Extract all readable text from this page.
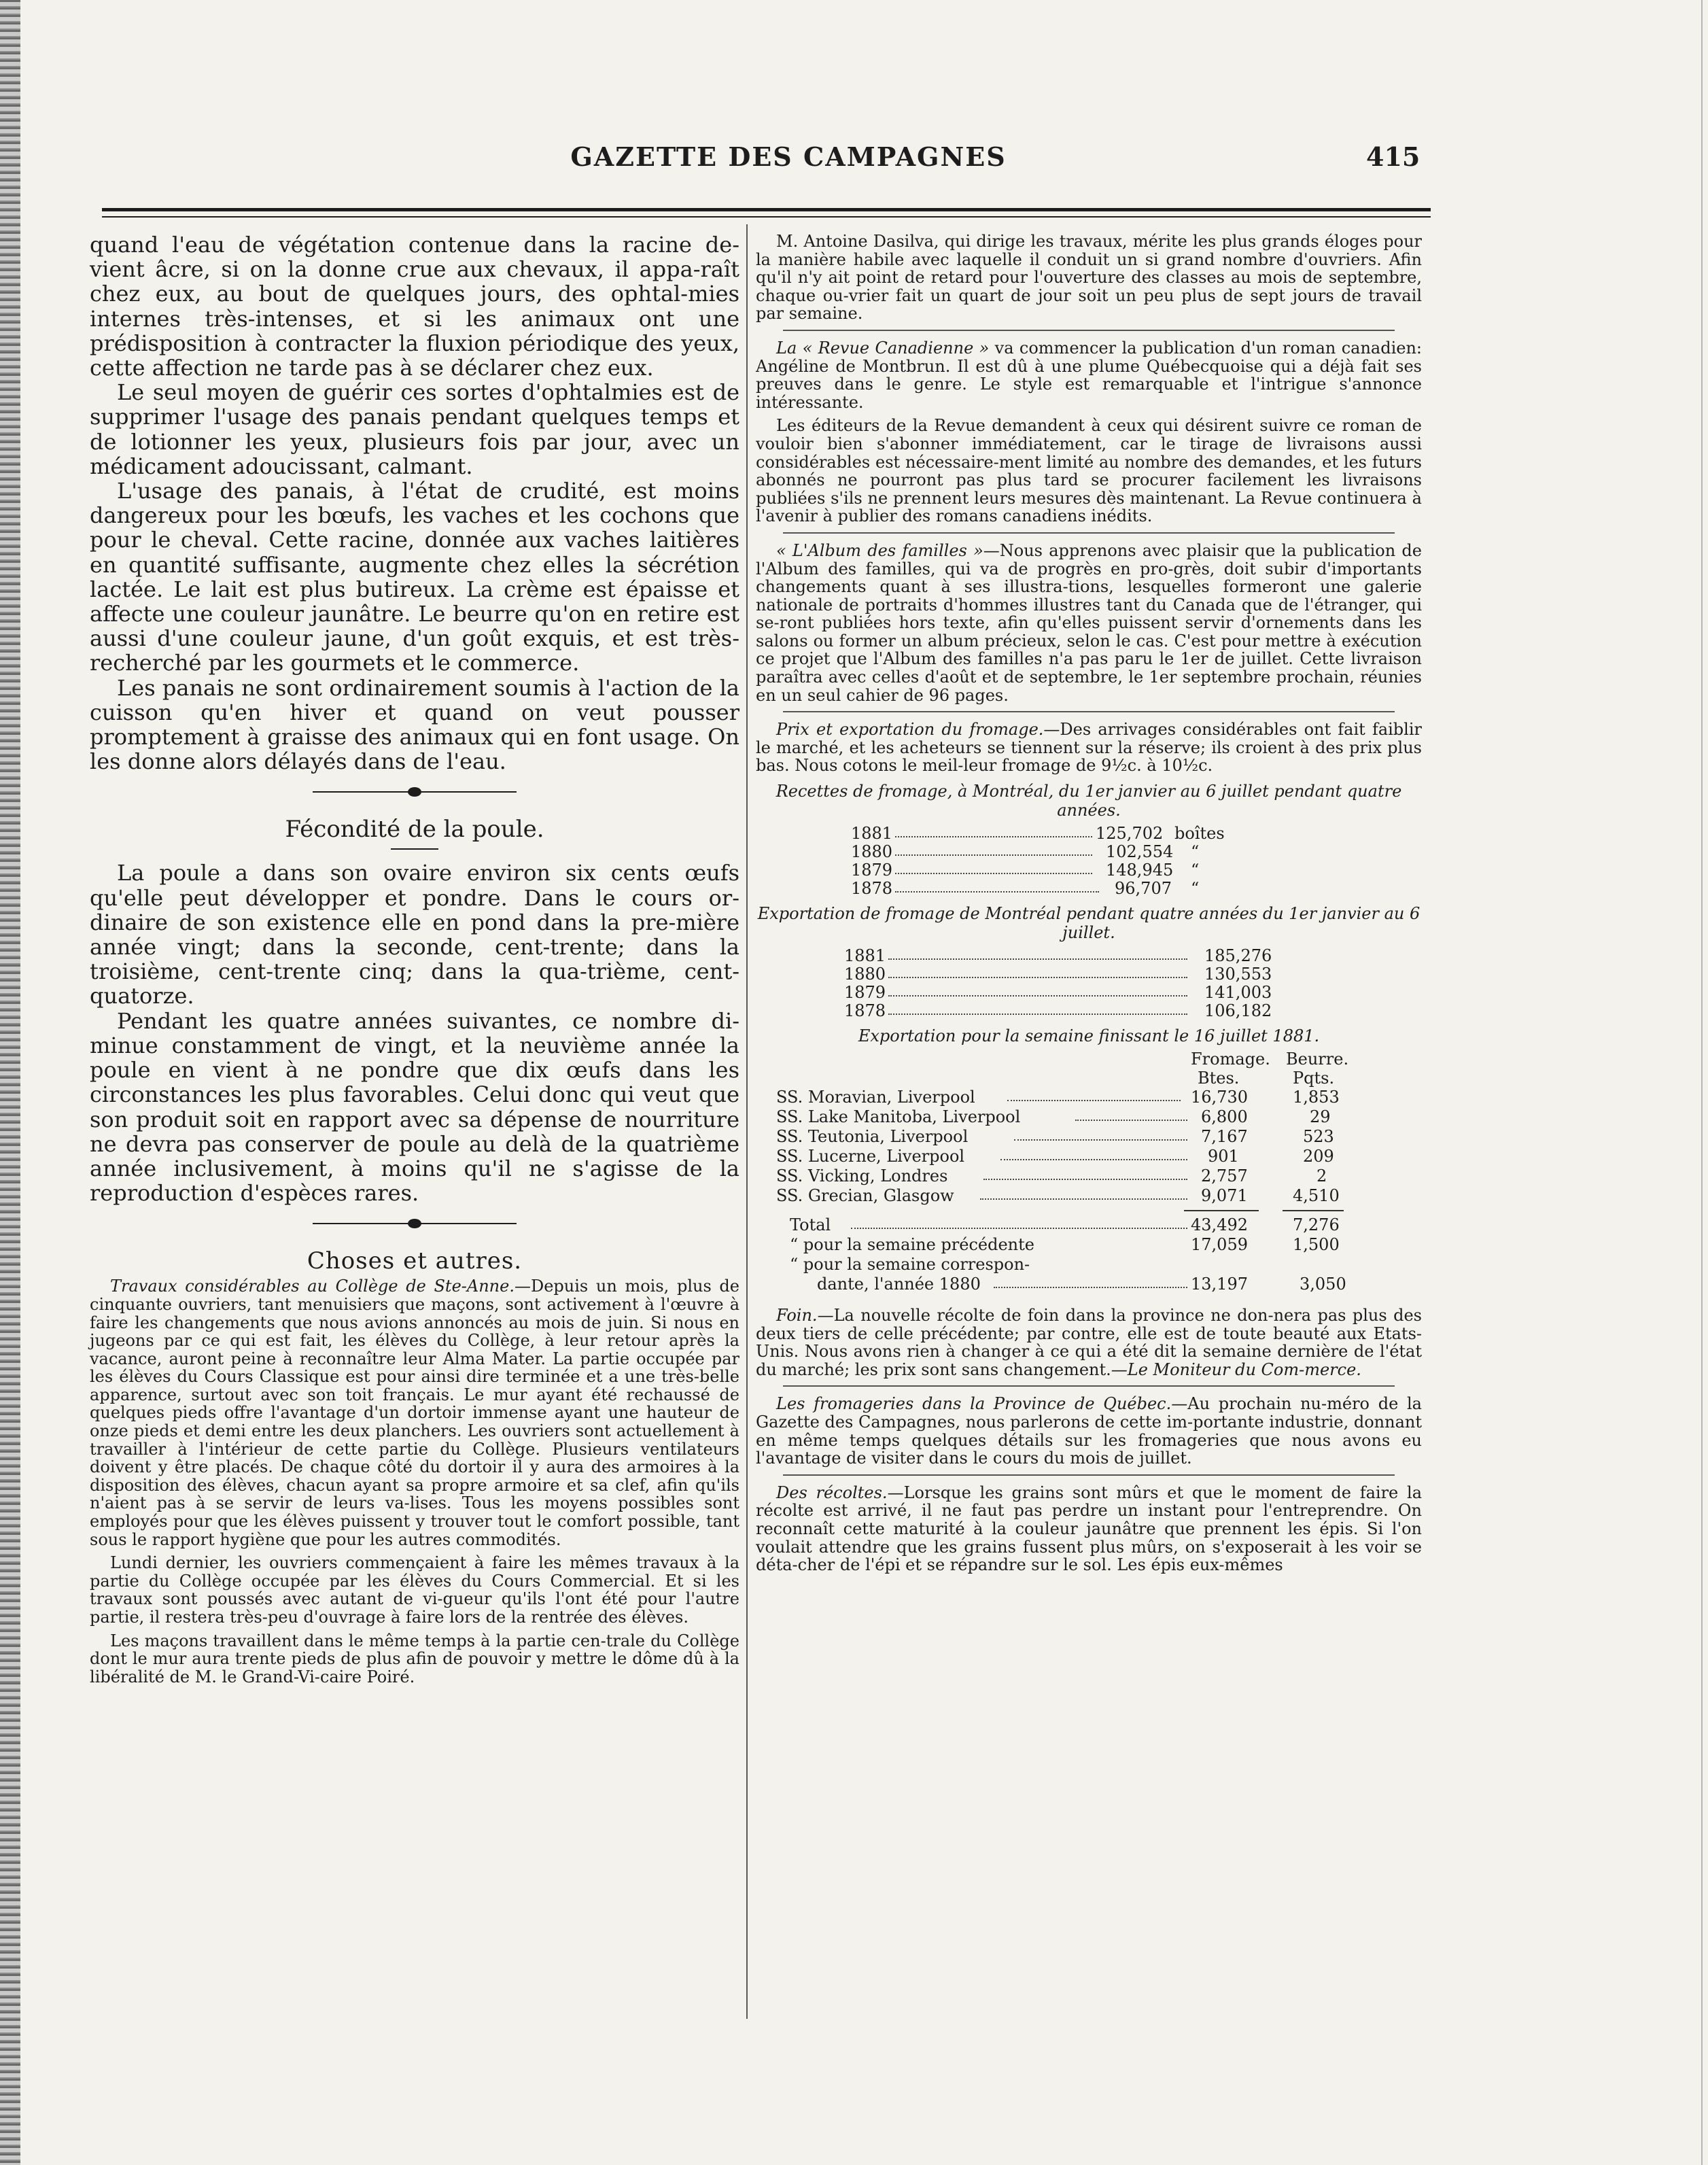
GAZETTE DES CAMPAGNES	415

quand l'eau de végétation contenue dans la racine de-vient âcre, si on la donne crue aux chevaux, il appa-raît chez eux, au bout de quelques jours, des ophtal-mies internes très-intenses, et si les animaux ont une prédisposition à contracter la fluxion périodique des yeux, cette affection ne tarde pas à se déclarer chez eux.

Le seul moyen de guérir ces sortes d'ophtalmies est de supprimer l'usage des panais pendant quelques temps et de lotionner les yeux, plusieurs fois par jour, avec un médicament adoucissant, calmant.

L'usage des panais, à l'état de crudité, est moins dangereux pour les bœufs, les vaches et les cochons que pour le cheval. Cette racine, donnée aux vaches laitières en quantité suffisante, augmente chez elles la sécrétion lactée. Le lait est plus butireux. La crème est épaisse et affecte une couleur jaunâtre. Le beurre qu'on en retire est aussi d'une couleur jaune, d'un goût exquis, et est très-recherché par les gourmets et le commerce.

Les panais ne sont ordinairement soumis à l'action de la cuisson qu'en hiver et quand on veut pousser promptement à graisse des animaux qui en font usage. On les donne alors délayés dans de l'eau.

Fécondité de la poule.

La poule a dans son ovaire environ six cents œufs qu'elle peut développer et pondre. Dans le cours or-dinaire de son existence elle en pond dans la pre-mière année vingt; dans la seconde, cent-trente; dans la troisième, cent-trente cinq; dans la qua-trième, cent-quatorze.

Pendant les quatre années suivantes, ce nombre di-minue constamment de vingt, et la neuvième année la poule en vient à ne pondre que dix œufs dans les circonstances les plus favorables. Celui donc qui veut que son produit soit en rapport avec sa dépense de nourriture ne devra pas conserver de poule au delà de la quatrième année inclusivement, à moins qu'il ne s'agisse de la reproduction d'espèces rares.

Choses et autres.

Travaux considérables au Collège de Ste-Anne.—Depuis un mois, plus de cinquante ouvriers, tant menuisiers que maçons, sont activement à l'œuvre à faire les changements que nous avions annoncés au mois de juin. Si nous en jugeons par ce qui est fait, les élèves du Collège, à leur retour après la vacance, auront peine à reconnaître leur Alma Mater. La partie occupée par les élèves du Cours Classique est pour ainsi dire terminée et a une très-belle apparence, surtout avec son toit français. Le mur ayant été rechaussé de quelques pieds offre l'avantage d'un dortoir immense ayant une hauteur de onze pieds et demi entre les deux planchers. Les ouvriers sont actuellement à travailler à l'intérieur de cette partie du Collège. Plusieurs ventilateurs doivent y être placés. De chaque côté du dortoir il y aura des armoires à la disposition des élèves, chacun ayant sa propre armoire et sa clef, afin qu'ils n'aient pas à se servir de leurs va-lises. Tous les moyens possibles sont employés pour que les élèves puissent y trouver tout le comfort possible, tant sous le rapport hygiène que pour les autres commodités.

Lundi dernier, les ouvriers commençaient à faire les mêmes travaux à la partie du Collège occupée par les élèves du Cours Commercial. Et si les travaux sont poussés avec autant de vi-gueur qu'ils l'ont été pour l'autre partie, il restera très-peu d'ouvrage à faire lors de la rentrée des élèves.

Les maçons travaillent dans le même temps à la partie cen-trale du Collège dont le mur aura trente pieds de plus afin de pouvoir y mettre le dôme dû à la libéralité de M. le Grand-Vi-caire Poiré.

M. Antoine Dasilva, qui dirige les travaux, mérite les plus grands éloges pour la manière habile avec laquelle il conduit un si grand nombre d'ouvriers. Afin qu'il n'y ait point de retard pour l'ouverture des classes au mois de septembre, chaque ou-vrier fait un quart de jour soit un peu plus de sept jours de travail par semaine.

La « Revue Canadienne » va commencer la publication d'un roman canadien: Angéline de Montbrun. Il est dû à une plume Québecquoise qui a déjà fait ses preuves dans le genre. Le style est remarquable et l'intrigue s'annonce intéressante.

Les éditeurs de la Revue demandent à ceux qui désirent suivre ce roman de vouloir bien s'abonner immédiatement, car le tirage de livraisons aussi considérables est nécessaire-ment limité au nombre des demandes, et les futurs abonnés ne pourront pas plus tard se procurer facilement les livraisons publiées s'ils ne prennent leurs mesures dès maintenant. La Revue continuera à l'avenir à publier des romans canadiens inédits.

« L'Album des familles »—Nous apprenons avec plaisir que la publication de l'Album des familles, qui va de progrès en pro-grès, doit subir d'importants changements quant à ses illustra-tions, lesquelles formeront une galerie nationale de portraits d'hommes illustres tant du Canada que de l'étranger, qui se-ront publiées hors texte, afin qu'elles puissent servir d'ornements dans les salons ou former un album précieux, selon le cas. C'est pour mettre à exécution ce projet que l'Album des familles n'a pas paru le 1er de juillet. Cette livraison paraîtra avec celles d'août et de septembre, le 1er septembre prochain, réunies en un seul cahier de 96 pages.

Prix et exportation du fromage.—Des arrivages considérables ont fait faiblir le marché, et les acheteurs se tiennent sur la réserve; ils croient à des prix plus bas. Nous cotons le meil-leur fromage de 9½c. à 10½c.

Recettes de fromage, à Montréal, du 1er janvier au 6 juillet pendant quatre années.
1881	125,702 boîtes
1880	102,554 “
1879	148,945 “
1878	96,707 “
Exportation de fromage de Montréal pendant quatre années du 1er janvier au 6 juillet.
1881	185,276
1880	130,553
1879	141,003
1878	106,182
Exportation pour la semaine finissant le 16 juillet 1881.
Fromage. Beurre.
Btes.	Pqts.
SS. Moravian, Liverpool	16,730	1,853
SS. Lake Manitoba, Liverpool	6,800	29
SS. Teutonia, Liverpool	7,167	523
SS. Lucerne, Liverpool	901	209
SS. Vicking, Londres	2,757	2
SS. Grecian, Glasgow	9,071	4,510
Total	43,492	7,276
“ pour la semaine précédente	17,059	1,500
“ pour la semaine correspon-
dante, l'année 1880	13,197	3,050

Foin.—La nouvelle récolte de foin dans la province ne don-nera pas plus des deux tiers de celle précédente; par contre, elle est de toute beauté aux Etats-Unis. Nous avons rien à changer à ce qui a été dit la semaine dernière de l'état du marché; les prix sont sans changement.—Le Moniteur du Com-merce.

Les fromageries dans la Province de Québec.—Au prochain nu-méro de la Gazette des Campagnes, nous parlerons de cette im-portante industrie, donnant en même temps quelques détails sur les fromageries que nous avons eu l'avantage de visiter dans le cours du mois de juillet.

Des récoltes.—Lorsque les grains sont mûrs et que le moment de faire la récolte est arrivé, il ne faut pas perdre un instant pour l'entreprendre. On reconnaît cette maturité à la couleur jaunâtre que prennent les épis. Si l'on voulait attendre que les grains fussent plus mûrs, on s'exposerait à les voir se déta-cher de l'épi et se répandre sur le sol. Les épis eux-mêmes
